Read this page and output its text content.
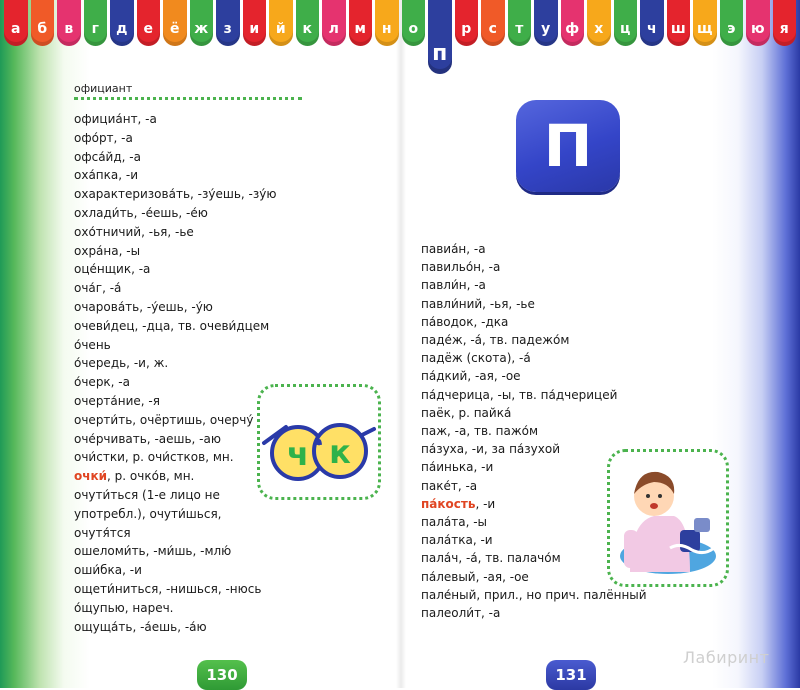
а	б	в	г	д	е	ё	ж	з	и	й	к	л	м	н	о
п
р	с	т	у	ф	х	ц	ч	ш щ	э	ю	я
официант
официа́нт, -а
офо́рт, -а
офса́йд, -а
оха́пка, -и
охарактеризова́ть, -зу́ешь, -зу́ю
охлади́ть, -е́ешь, -е́ю
охо́тничий, -ья, -ье
охра́на, -ы
оце́нщик, -а
оча́г, -а́
очарова́ть, -у́ешь, -у́ю
очеви́дец, -дца, тв. очеви́дцем
о́чень
о́чередь, -и, ж.
о́черк, -а
очерта́ние, -я
очерти́ть, очёртишь, очерчу́
оче́рчивать, -аешь, -аю
очи́стки, р. очи́стков, мн.
очки́, р. очко́в, мн.
очути́ться (1-е лицо не
употребл.), очути́шься,
очутя́тся
ошеломи́ть, -ми́шь, -млю́
оши́бка, -и
ощети́ниться, -нишься, -нюсь
о́щупью, нареч.
ощуща́ть, -а́ешь, -а́ю
ч к
П
павиа́н, -а
павильо́н, -а
павли́н, -а
павли́ний, -ья, -ье
па́водок, -дка
паде́ж, -а́, тв. падежо́м
падёж (скота), -а́
па́дкий, -ая, -ое
па́дчерица, -ы, тв. па́дчерицей
паёк, р. пайка́
паж, -а, тв. пажо́м
па́зуха, -и, за па́зухой
па́инька, -и
паке́т, -а
па́кость, -и
пала́та, -ы
пала́тка, -и
пала́ч, -а́, тв. палачо́м
па́левый, -ая, -ое
пале́ный, прил., но прич. палённый
палеоли́т, -а
130	131
Лабиринт
